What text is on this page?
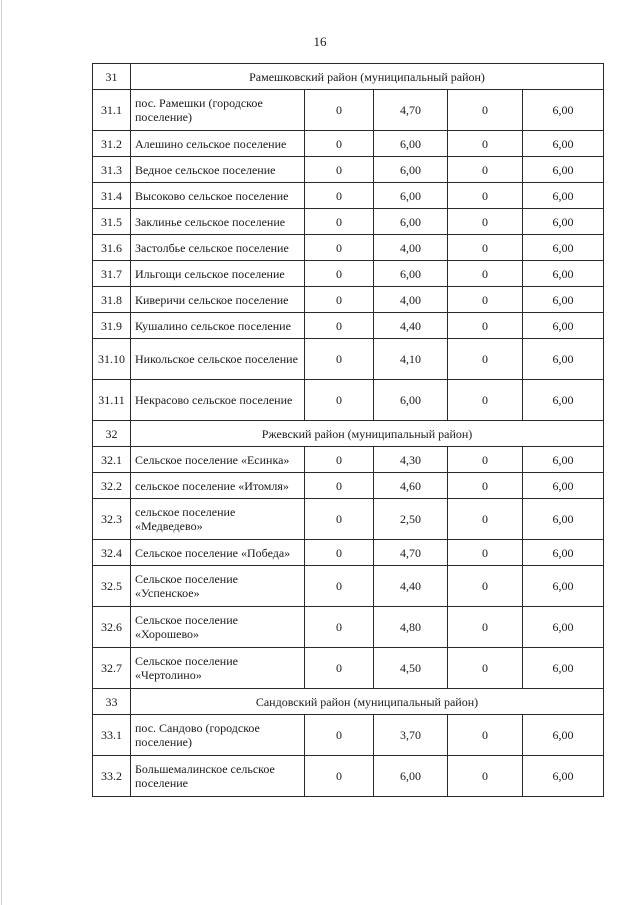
16
31	Рамешковский район (муниципальный район)				
31.1	пос. Рамешки (городское поселение)	0	4,70	0	6,00
31.2	Алешино сельское поселение	0	6,00	0	6,00
31.3	Ведное сельское поселение	0	6,00	0	6,00
31.4	Высоково сельское поселение	0	6,00	0	6,00
31.5	Заклинье сельское поселение	0	6,00	0	6,00
31.6	Застолбье сельское поселение	0	4,00	0	6,00
31.7	Ильгощи сельское поселение	0	6,00	0	6,00
31.8	Киверичи сельское поселение	0	4,00	0	6,00
31.9	Кушалино сельское поселение	0	4,40	0	6,00
31.10	Никольское сельское поселение	0	4,10	0	6,00
31.11	Некрасово сельское поселение	0	6,00	0	6,00
32	Ржевский район (муниципальный район)				
32.1	Сельское поселение «Есинка»	0	4,30	0	6,00
32.2	сельское поселение «Итомля»	0	4,60	0	6,00
32.3	сельское поселение «Медведево»	0	2,50	0	6,00
32.4	Сельское поселение «Победа»	0	4,70	0	6,00
32.5	Сельское поселение «Успенское»	0	4,40	0	6,00
32.6	Сельское поселение «Хорошево»	0	4,80	0	6,00
32.7	Сельское поселение «Чертолино»	0	4,50	0	6,00
33	Сандовский район (муниципальный район)				
33.1	пос. Сандово (городское поселение)	0	3,70	0	6,00
33.2	Большемалинское сельское поселение	0	6,00	0	6,00
